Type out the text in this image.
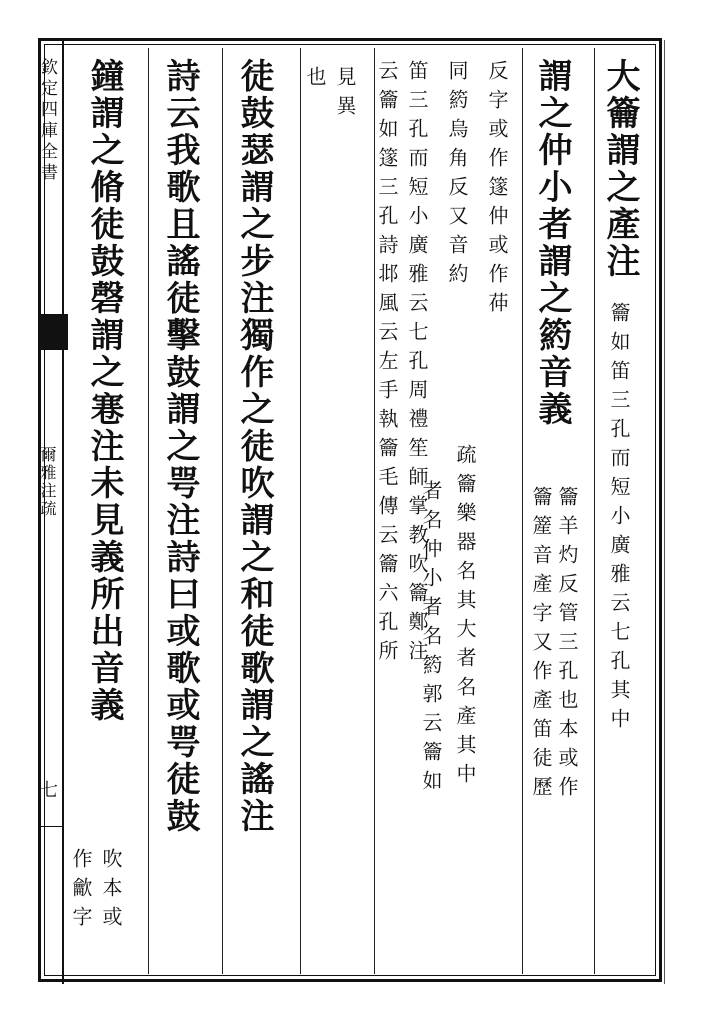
欽定四庫全書
爾雅注疏
七
大籥謂之產注
籥如笛三孔而短小廣雅云七孔其中
謂之仲小者謂之箹音義
籥羊灼反管三孔也本或作
籥簅音產字又作產笛徒歷
反字或作篴仲或作茽
疏籥樂器名其大者名產其中
同箹烏角反又音約
者名仲小者名箹郭云籥如
笛三孔而短小廣雅云七孔周禮笙師掌教吹籥鄭注
云籥如篴三孔詩邶風云左手執籥毛傳云籥六孔所
見異
也
徒鼓瑟謂之步注獨作之徒吹謂之和徒歌謂之謠注
詩云我歌且謠徒擊鼓謂之咢注詩曰或歌或咢徒鼓
鐘謂之脩徒鼓磬謂之寋注未見義所出音義
吹本或
作龡字
